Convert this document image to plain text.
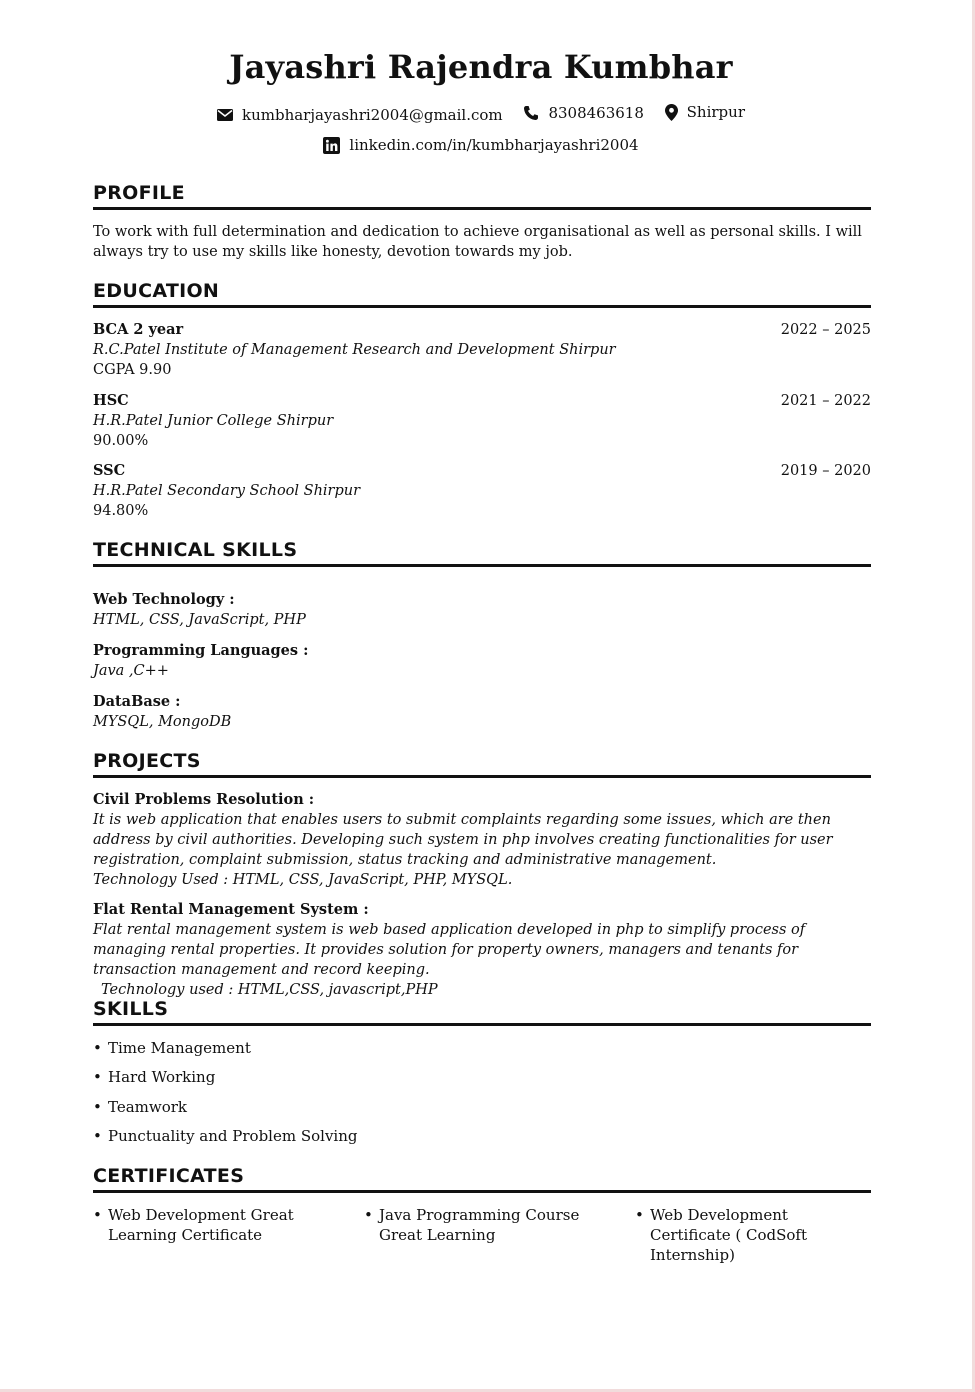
Jayashri Rajendra Kumbhar
kumbharjayashri2004@gmail.com
	8308463618
	Shirpur
linkedin.com/in/kumbharjayashri2004
PROFILE
To work with full determination and dedication to achieve organisational as well as personal skills. I will always try to use my skills like honesty, devotion towards my job.
EDUCATION
BCA 2 year
R.C.Patel Institute of Management Research and Development Shirpur
CGPA 9.90
2022 – 2025
HSC
H.R.Patel Junior College Shirpur
90.00%
2021 – 2022
SSC
H.R.Patel Secondary School Shirpur
94.80%
2019 – 2020
TECHNICAL SKILLS
Web Technology :
HTML, CSS, JavaScript, PHP
Programming Languages :
Java ,C++
DataBase :
MYSQL, MongoDB
PROJECTS
Civil Problems Resolution :
It is web application that enables users to submit complaints regarding some issues, which are then address by civil authorities. Developing such system in php involves creating functionalities for user registration, complaint submission, status tracking and administrative management.
Technology Used : HTML, CSS, JavaScript, PHP, MYSQL.
Flat Rental Management System :
Flat rental management system is web based application developed in php to simplify process of managing rental properties. It provides solution for property owners, managers and tenants for transaction management and record keeping.
Technology used : HTML,CSS, javascript,PHP
SKILLS
• Time Management
• Hard Working
• Teamwork
• Punctuality and Problem Solving
CERTIFICATES
• Web Development Great Learning Certificate
• Java Programming Course Great Learning
• Web Development Certificate ( CodSoft Internship)
